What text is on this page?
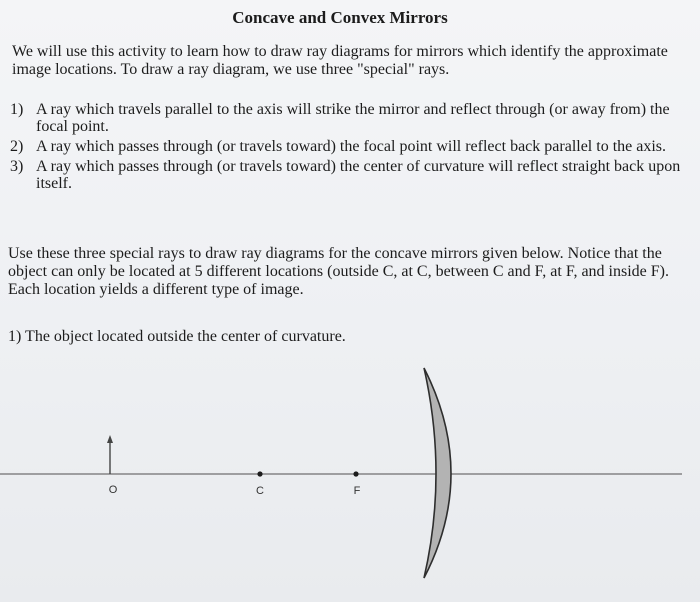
Concave and Convex Mirrors

We will use this activity to learn how to draw ray diagrams for mirrors which identify the approximate image locations. To draw a ray diagram, we use three "special" rays.

1) A ray which travels parallel to the axis will strike the mirror and reflect through (or away from) the focal point.
2) A ray which passes through (or travels toward) the focal point will reflect back parallel to the axis.
3) A ray which passes through (or travels toward) the center of curvature will reflect straight back upon itself.

Use these three special rays to draw ray diagrams for the concave mirrors given below. Notice that the object can only be located at 5 different locations (outside C, at C, between C and F, at F, and inside F). Each location yields a different type of image.

1) The object located outside the center of curvature.

O	C	F
